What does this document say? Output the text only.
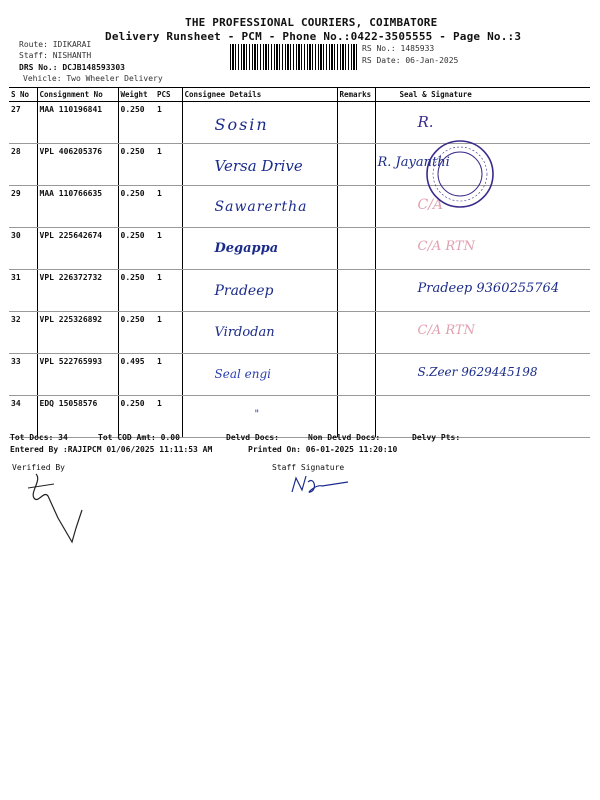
THE PROFESSIONAL COURIERS, COIMBATORE
Delivery Runsheet - PCM - Phone No.:0422-3505555 - Page No.:3
Route: IDIKARAI
Staff: NISHANTH
DRS No.: DCJB148593303
Vehicle: Two Wheeler Delivery
RS No.: 1485933
RS Date: 06-Jan-2025
S No	Consignment No	Weight	PCS	Consignee Details	Remarks	Seal & Signature
27	MAA 110196841	0.250	1	Sosin		R.

28	VPL 406205376	0.250	1	Versa Drive		R. Jayanthi

29	MAA 110766635	0.250	1	Sawarertha		C/A

30	VPL 225642674	0.250	1	Degappa		C/A RTN

31	VPL 226372732	0.250	1	Pradeep		Pradeep 9360255764

32	VPL 225326892	0.250	1	Virdodan		C/A RTN

33	VPL 522765993	0.495	1	Seal engi		S.Zeer 9629445198

34	EDQ 15058576	0.250	1	"		

Tot Docs: 34	Tot COD Amt: 0.00	Delvd Docs:	Non Delvd Docs:	Delvy Pts:
Entered By :RAJIPCM 01/06/2025 11:11:53 AM	Printed On: 06-01-2025 11:20:10
Verified By	Staff Signature
